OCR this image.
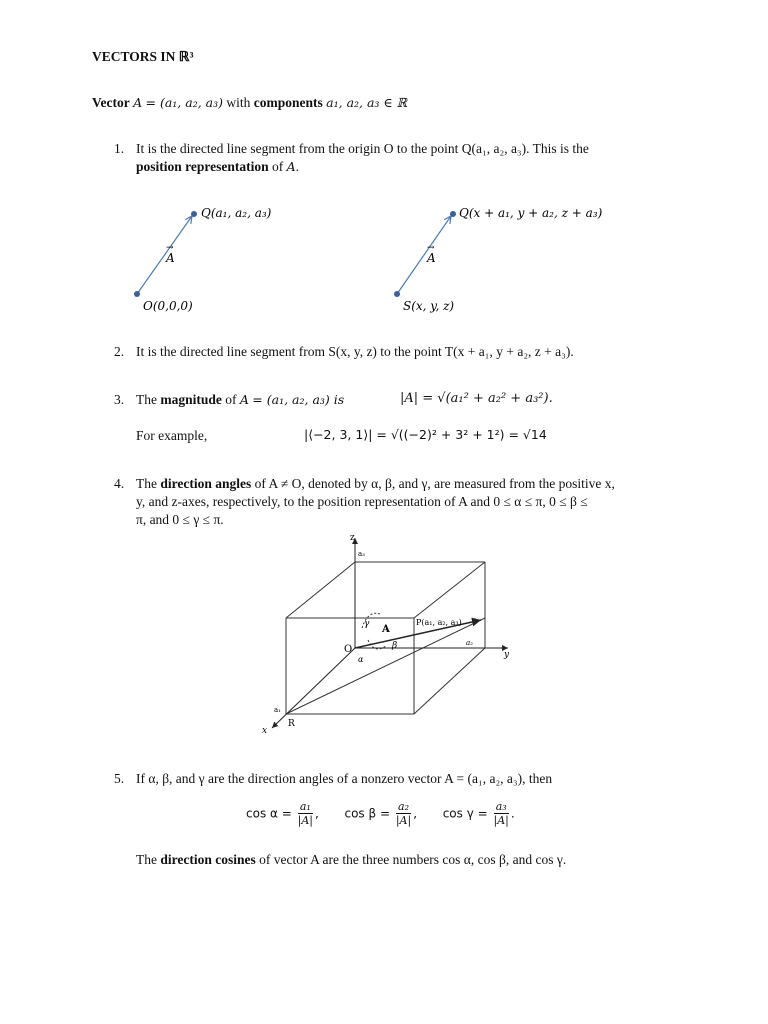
VECTORS IN ℝ³
Vector A = (a₁, a₂, a₃) with components a₁, a₂, a₃ ∈ ℝ
1. It is the directed line segment from the origin O to the point Q(a₁, a₂, a₃). This is the
position representation of A.
Q(a₁, a₂, a₃)
A
→
O(0,0,0)
Q(x + a₁, y + a₂, z + a₃)
A
→
S(x, y, z)
2. It is the directed line segment from S(x, y, z) to the point T(x + a₁, y + a₂, z + a₃).
3. The magnitude of A = (a₁, a₂, a₃) is	|A| = √(a₁² + a₂² + a₃²).
For example,	|⟨−2, 3, 1⟩| = √((−2)² + 3² + 1²) = √14
4. The direction angles of A ≠ O, denoted by α, β, and γ, are measured from the positive x,
y, and z-axes, respectively, to the position representation of A and 0 ≤ α ≤ π, 0 ≤ β ≤
π, and 0 ≤ γ ≤ π.
z
a₃
y
a₂
x
a₁
R
O
P(a₁, a₂, a₃)
A
γ
β
α
5. If α, β, and γ are the direction angles of a nonzero vector A = (a₁, a₂, a₃), then
$\cos \alpha = \frac{\text{a₁}}{|A|}$ , $\cos \beta = \frac{\text{a₂}}{|A|}$ , $\cos \gamma = \frac{\text{a₃}}{|A|}$ .
The direction cosines of vector A are the three numbers cos α, cos β, and cos γ.
